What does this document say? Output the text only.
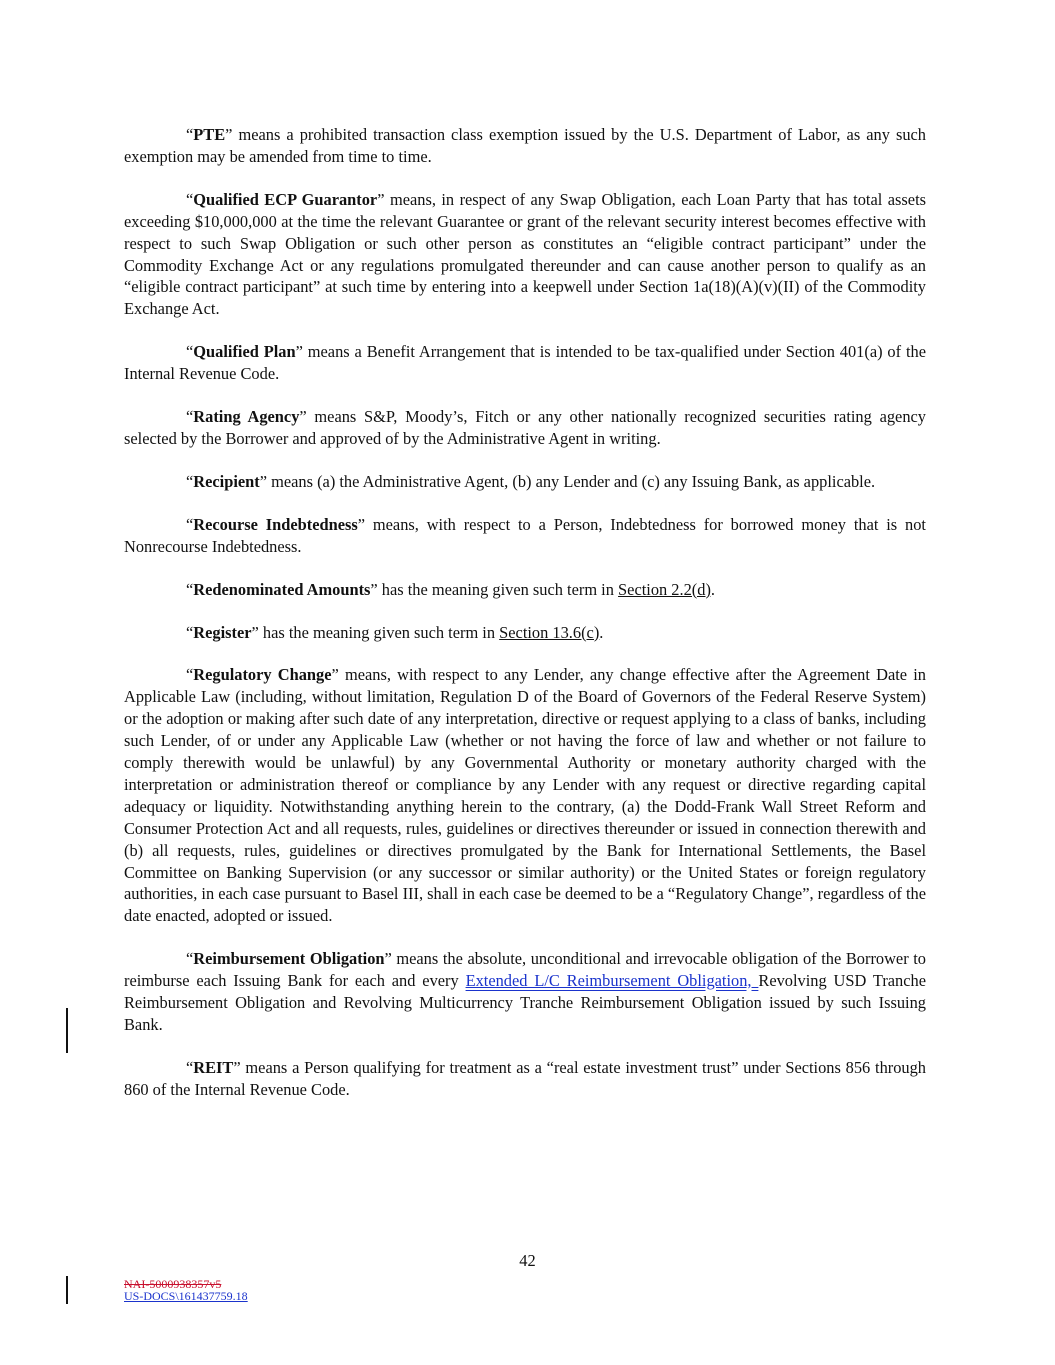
“PTE” means a prohibited transaction class exemption issued by the U.S. Department of Labor, as any such exemption may be amended from time to time.

“Qualified ECP Guarantor” means, in respect of any Swap Obligation, each Loan Party that has total assets exceeding $10,000,000 at the time the relevant Guarantee or grant of the relevant security interest becomes effective with respect to such Swap Obligation or such other person as constitutes an “eligible contract participant” under the Commodity Exchange Act or any regulations promulgated thereunder and can cause another person to qualify as an “eligible contract participant” at such time by entering into a keepwell under Section 1a(18)(A)(v)(II) of the Commodity Exchange Act.

“Qualified Plan” means a Benefit Arrangement that is intended to be tax-qualified under Section 401(a) of the Internal Revenue Code.

“Rating Agency” means S&P, Moody’s, Fitch or any other nationally recognized securities rating agency selected by the Borrower and approved of by the Administrative Agent in writing.

“Recipient” means (a) the Administrative Agent, (b) any Lender and (c) any Issuing Bank, as applicable.

“Recourse Indebtedness” means, with respect to a Person, Indebtedness for borrowed money that is not Nonrecourse Indebtedness.

“Redenominated Amounts” has the meaning given such term in Section 2.2(d).

“Register” has the meaning given such term in Section 13.6(c).

“Regulatory Change” means, with respect to any Lender, any change effective after the Agreement Date in Applicable Law (including, without limitation, Regulation D of the Board of Governors of the Federal Reserve System) or the adoption or making after such date of any interpretation, directive or request applying to a class of banks, including such Lender, of or under any Applicable Law (whether or not having the force of law and whether or not failure to comply therewith would be unlawful) by any Governmental Authority or monetary authority charged with the interpretation or administration thereof or compliance by any Lender with any request or directive regarding capital adequacy or liquidity. Notwithstanding anything herein to the contrary, (a) the Dodd-Frank Wall Street Reform and Consumer Protection Act and all requests, rules, guidelines or directives thereunder or issued in connection therewith and (b) all requests, rules, guidelines or directives promulgated by the Bank for International Settlements, the Basel Committee on Banking Supervision (or any successor or similar authority) or the United States or foreign regulatory authorities, in each case pursuant to Basel III, shall in each case be deemed to be a “Regulatory Change”, regardless of the date enacted, adopted or issued.

“Reimbursement Obligation” means the absolute, unconditional and irrevocable obligation of the Borrower to reimburse each Issuing Bank for each and every Extended L/C Reimbursement Obligation, Revolving USD Tranche Reimbursement Obligation and Revolving Multicurrency Tranche Reimbursement Obligation issued by such Issuing Bank.

“REIT” means a Person qualifying for treatment as a “real estate investment trust” under Sections 856 through 860 of the Internal Revenue Code.

42
NAI-5000938357v5
US-DOCS\161437759.18
